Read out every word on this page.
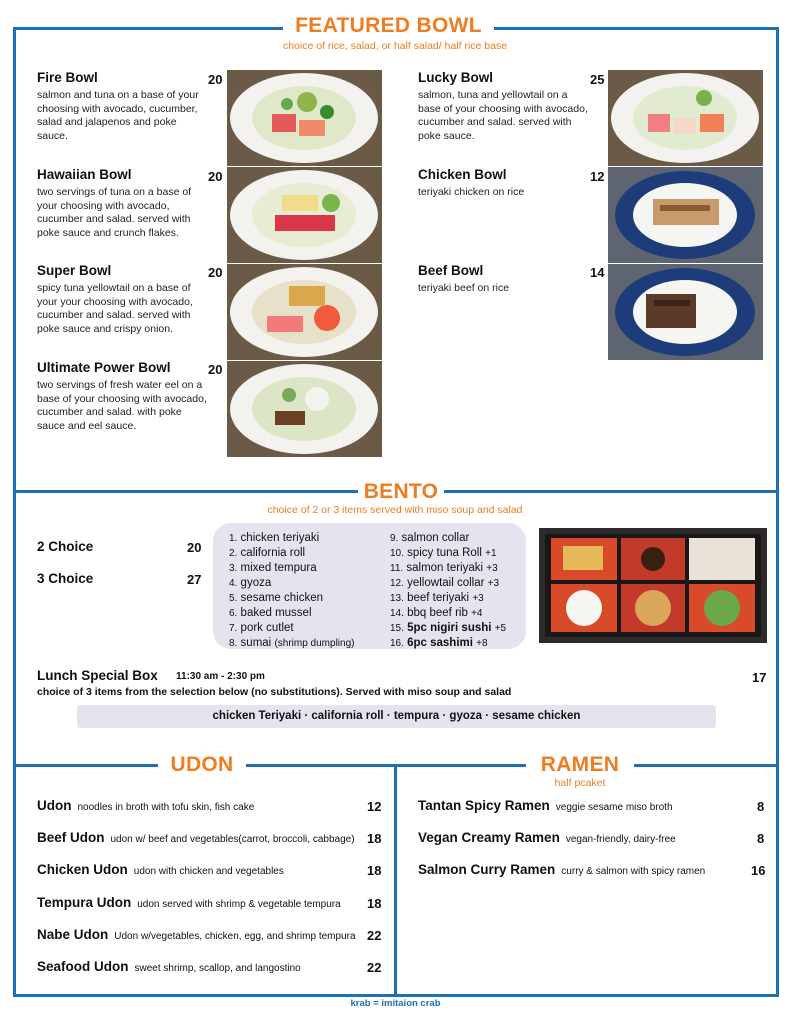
FEATURED BOWL
choice of rice, salad, or half salad/ half rice base
Fire Bowl
salmon and tuna on a base of your choosing with avocado, cucumber, salad and jalapenos and poke sauce.
20
Hawaiian Bowl
two servings of tuna on a base of your choosing with avocado, cucumber and salad. served with poke sauce and crunch flakes.
20
Super Bowl
spicy tuna yellowtail on a base of your your choosing with avocado, cucumber and salad. served with poke sauce and crispy onion.
20
Ultimate Power Bowl
two servings of fresh water eel on a base of your choosing with avocado, cucumber and salad. with poke sauce and eel sauce.
20
Lucky Bowl
salmon, tuna and yellowtail on a base of your choosing with avocado, cucumber and salad. served with poke sauce.
25
Chicken Bowl
teriyaki chicken on rice
12
Beef Bowl
teriyaki beef on rice
14
BENTO
choice of 2 or 3 items served with miso soup and salad
2 Choice	20
3 Choice	27
1. chicken teriyaki
2. california roll
3. mixed tempura
4. gyoza
5. sesame chicken
6. baked mussel
7. pork cutlet
8. sumai (shrimp dumpling)
9. salmon collar
10. spicy tuna Roll +1
11. salmon teriyaki +3
12. yellowtail collar +3
13. beef teriyaki +3
14. bbq beef rib +4
15. 5pc nigiri sushi +5
16. 6pc sashimi +8
Lunch Special Box 11:30 am - 2:30 pm	17
choice of 3 items from the selection below (no substitutions). Served with miso soup and salad
chicken Teriyaki · california roll · tempura · gyoza · sesame chicken
UDON
Udon noodles in broth with tofu skin, fish cake	12
Beef Udon udon w/ beef and vegetables(carrot, broccoli, cabbage) 18
Chicken Udon udon with chicken and vegetables	18
Tempura Udon udon served with shrimp & vegetable tempura 18
Nabe Udon Udon w/vegetables, chicken, egg, and shrimp tempura 22
Seafood Udon sweet shrimp, scallop, and langostino	22
RAMEN
half pcaket
Tantan Spicy Ramen veggie sesame miso broth	8
Vegan Creamy Ramen vegan-friendly, dairy-free	8
Salmon Curry Ramen curry & salmon with spicy ramen	16
krab = imitaion crab
